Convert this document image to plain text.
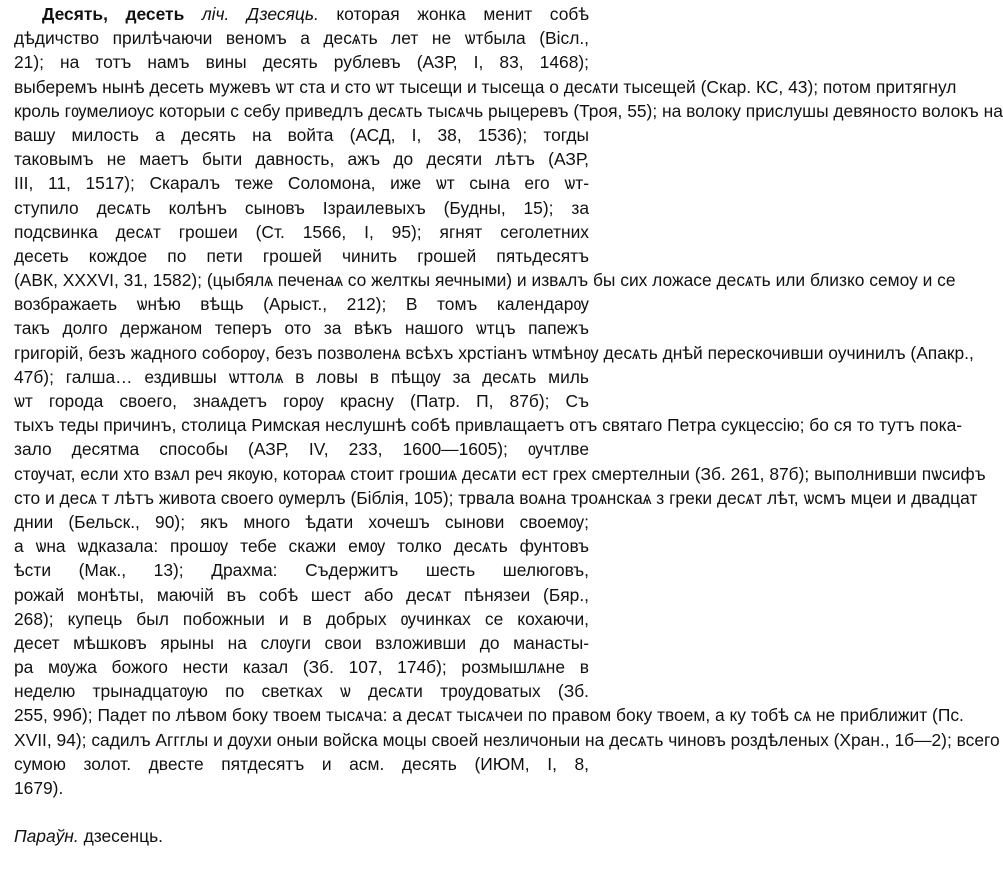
Десять, десеть ліч. Дзесяць. которая жонка менит собѣ
дѣдичство прилѣчаючи веномъ а десѧть лет не ѡтбыла (Вісл.,
21); на тотъ намъ вины десять рублевъ (АЗР, І, 83, 1468);
выберемъ нынѣ десеть мужевъ ѡт ста и сто ѡт тысещи и тысеща о десѧти тысещей (Скар. КС, 43); потом притягнул
кроль гѹмелиоус которыи с себу приведлъ десѧть тысѧчь рыцеревъ (Троя, 55); на волоку прислушы девяносто волокъ на
вашу милость а десять на войта (АСД, І, 38, 1536); тогды
таковымъ не маетъ быти давность, ажъ до десяти лѣтъ (АЗР,
ІІІ, 11, 1517); Скаралъ теже Соломона, иже ѡт сына его ѡт-
ступило десѧть колѣнъ сыновъ Ізраилевыхъ (Будны, 15); за
подсвинка десѧт грошеи (Ст. 1566, І, 95); ягнят сеголетних
десеть кождое по пети грошей чинить грошей пятьдесятъ
(АВК, XXXVI, 31, 1582); (цыбялѧ печенаѧ со желткы яечными) и извѧлъ бы сих ложасе десѧть или близко семоу и се
возбражаеть ѡнѣю вѣщь (Арыст., 212); В томъ календарѹ
такъ долго держаном теперъ ото за вѣкъ нашого ѡтцъ папежъ
григорій, безъ жадного соборѹ, безъ позволенѧ всѣхъ хрстіанъ ѡтмѣнѹ десѧть днѣй перескочивши оучинилъ (Апакр.,
47б); галша… ездившы ѡттолѧ в ловы в пѣщѹ за десѧть миль
ѡт города своего, знаѧдетъ горѹ красну (Патр. П, 87б); Съ
тыхъ теды причинъ, столица Римская неслушнѣ собѣ привлащаетъ отъ святаго Петра сукцессію; бо ся то тутъ пока-
зало десятма способы (АЗР, ІV, 233, 1600—1605); ѹчтлве
стѹчат, если хто взѧл реч якѹю, котораѧ стоит грошиѧ десѧти ест грех смертелныи (Зб. 261, 87б); выполнивши пѡсифъ
сто и десѧ т лѣтъ живота своего ѹмерлъ (Біблія, 105); трвала воѧна троѧнскаѧ з греки десѧт лѣт, ѡсмъ мцеи и двадцат
днии (Бельск., 90); якъ много ѣдати хочешъ сынови своемѹ;
а ѡна ѡдказала: прошѹ тебе скажи емѹ толко десѧть фунтовъ
ѣсти (Мак., 13); Драхма: Съдержитъ шесть шелюговъ,
рожай монѣты, маючій въ собѣ шест або десѧт пѣнязеи (Бяр.,
268); купець был побожныи и в добрых ѹчинках се кохаючи,
десет мѣшковъ ярыны на слѹги свои взложивши до манасты-
ра мѹжа божого нести казал (Зб. 107, 174б); розмышлѧне в
неделю трынадцатѹю по светках ѡ десѧти трѹдоватых (Зб.
255, 99б); Падет по лѣвом боку твоем тысѧча: а десѧт тысѧчеи по правом боку твоем, а ку тобѣ сѧ не приближит (Пс.
XVII, 94); садилъ Аггглы и дѹхи оныи войска моцы своей незличоныи на десѧть чиновъ роздѣленых (Хран., 1б—2); всего
сумою золот. двесте пятдесятъ и асм. десять (ИЮМ, І, 8,
1679).
Параўн. дзесенць.
